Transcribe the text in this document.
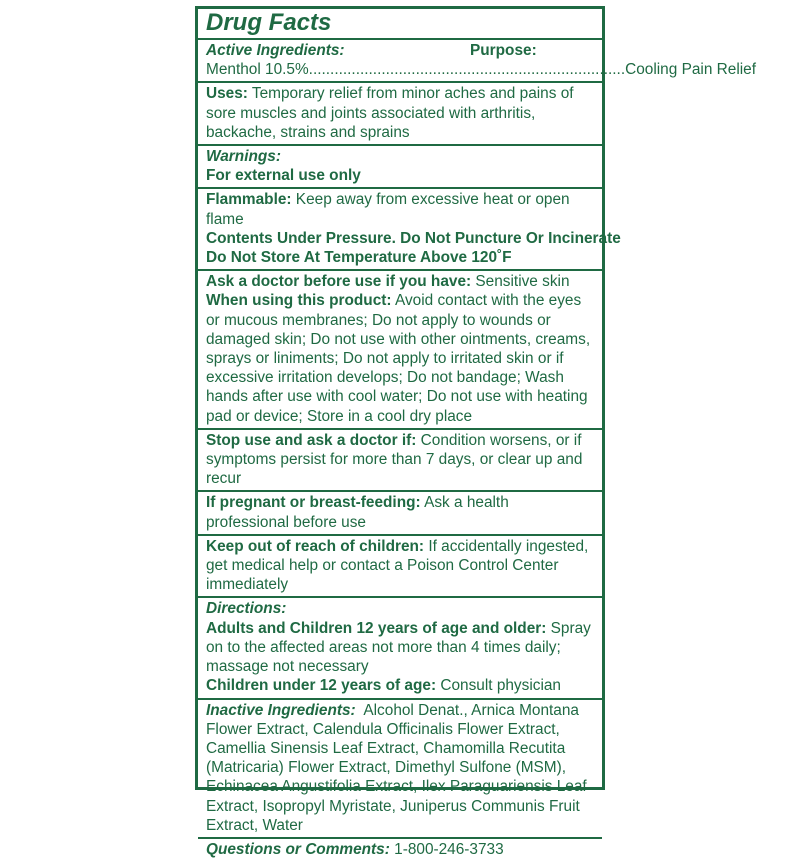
Drug Facts
Active Ingredients:	Purpose:
Menthol 10.5% .......................................................................... Cooling Pain Relief
Uses: Temporary relief from minor aches and pains of sore muscles and joints associated with arthritis, backache, strains and sprains
Warnings:
For external use only
Flammable: Keep away from excessive heat or open flame
Contents Under Pressure. Do Not Puncture Or Incinerate
Do Not Store At Temperature Above 120˚F
Ask a doctor before use if you have: Sensitive skin
When using this product: Avoid contact with the eyes or mucous membranes; Do not apply to wounds or damaged skin; Do not use with other ointments, creams, sprays or liniments; Do not apply to irritated skin or if excessive irritation develops; Do not bandage; Wash hands after use with cool water; Do not use with heating pad or device; Store in a cool dry place
Stop use and ask a doctor if: Condition worsens, or if symptoms persist for more than 7 days, or clear up and recur
If pregnant or breast-feeding: Ask a health professional before use
Keep out of reach of children: If accidentally ingested, get medical help or contact a Poison Control Center immediately
Directions:
Adults and Children 12 years of age and older: Spray on to the affected areas not more than 4 times daily; massage not necessary
Children under 12 years of age: Consult physician
Inactive Ingredients:  Alcohol Denat., Arnica Montana Flower Extract, Calendula Officinalis Flower Extract, Camellia Sinensis Leaf Extract, Chamomilla Recutita (Matricaria) Flower Extract, Dimethyl Sulfone (MSM), Echinacea Angustifolia Extract, Ilex Paraguariensis Leaf Extract, Isopropyl Myristate, Juniperus Communis Fruit Extract, Water
Questions or Comments: 1-800-246-3733
